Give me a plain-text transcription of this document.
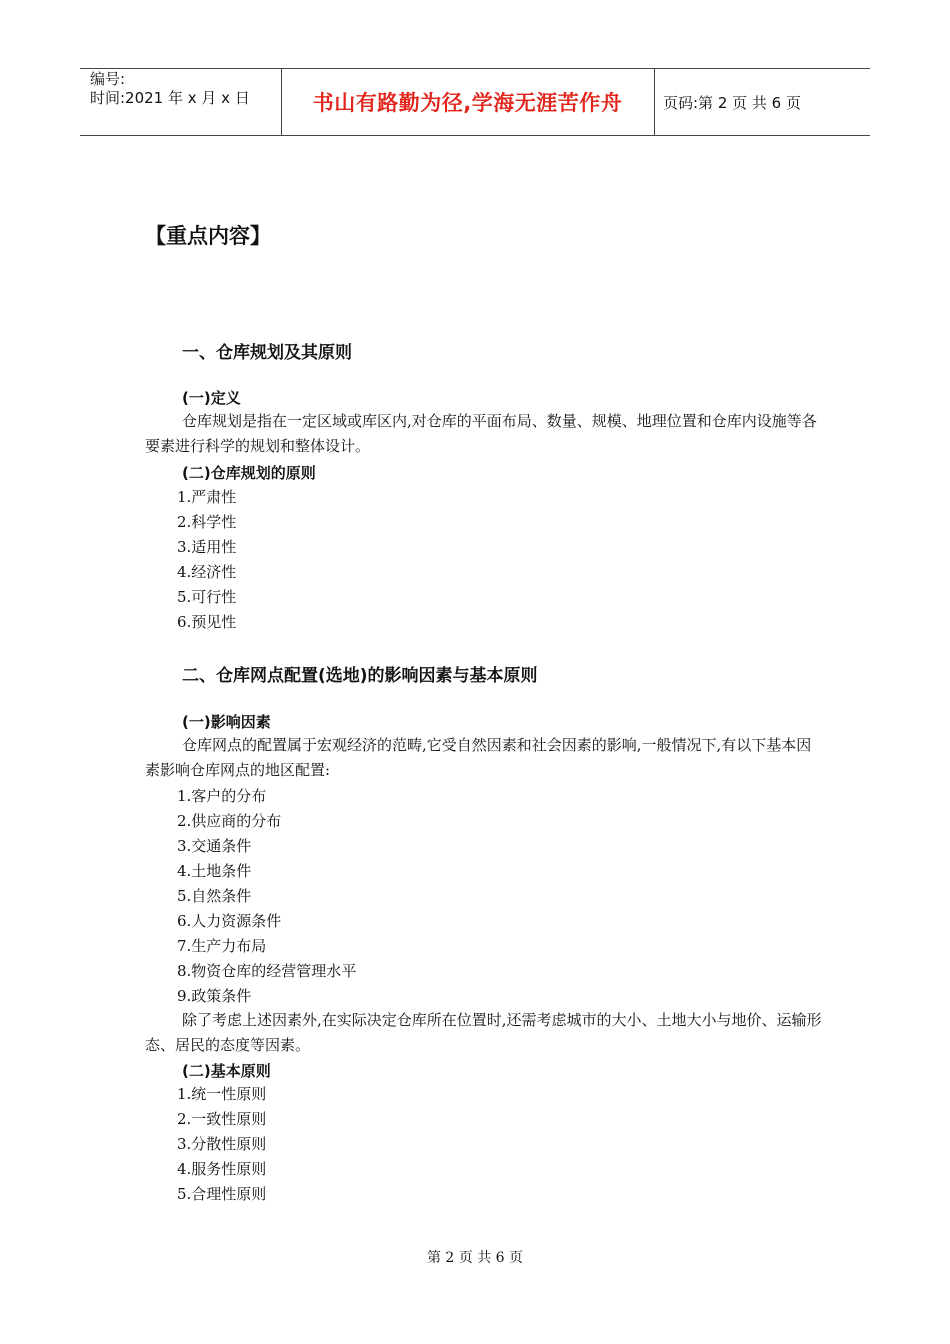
编号:
时间:2021 年 x 月 x 日	书山有路勤为径,学海无涯苦作舟	页码:第 2 页 共 6 页
【重点内容】
一、仓库规划及其原则
(一)定义
仓库规划是指在一定区域或库区内,对仓库的平面布局、数量、规模、地理位置和仓库内设施等各要素进行科学的规划和整体设计。
(二)仓库规划的原则
1.严肃性
2.科学性
3.适用性
4.经济性
5.可行性
6.预见性
二、仓库网点配置(选地)的影响因素与基本原则
(一)影响因素
仓库网点的配置属于宏观经济的范畴,它受自然因素和社会因素的影响,一般情况下,有以下基本因素影响仓库网点的地区配置:
1.客户的分布
2.供应商的分布
3.交通条件
4.土地条件
5.自然条件
6.人力资源条件
7.生产力布局
8.物资仓库的经营管理水平
9.政策条件
除了考虑上述因素外,在实际决定仓库所在位置时,还需考虑城市的大小、土地大小与地价、运输形态、居民的态度等因素。
(二)基本原则
1.统一性原则
2.一致性原则
3.分散性原则
4.服务性原则
5.合理性原则
第 2 页 共 6 页
